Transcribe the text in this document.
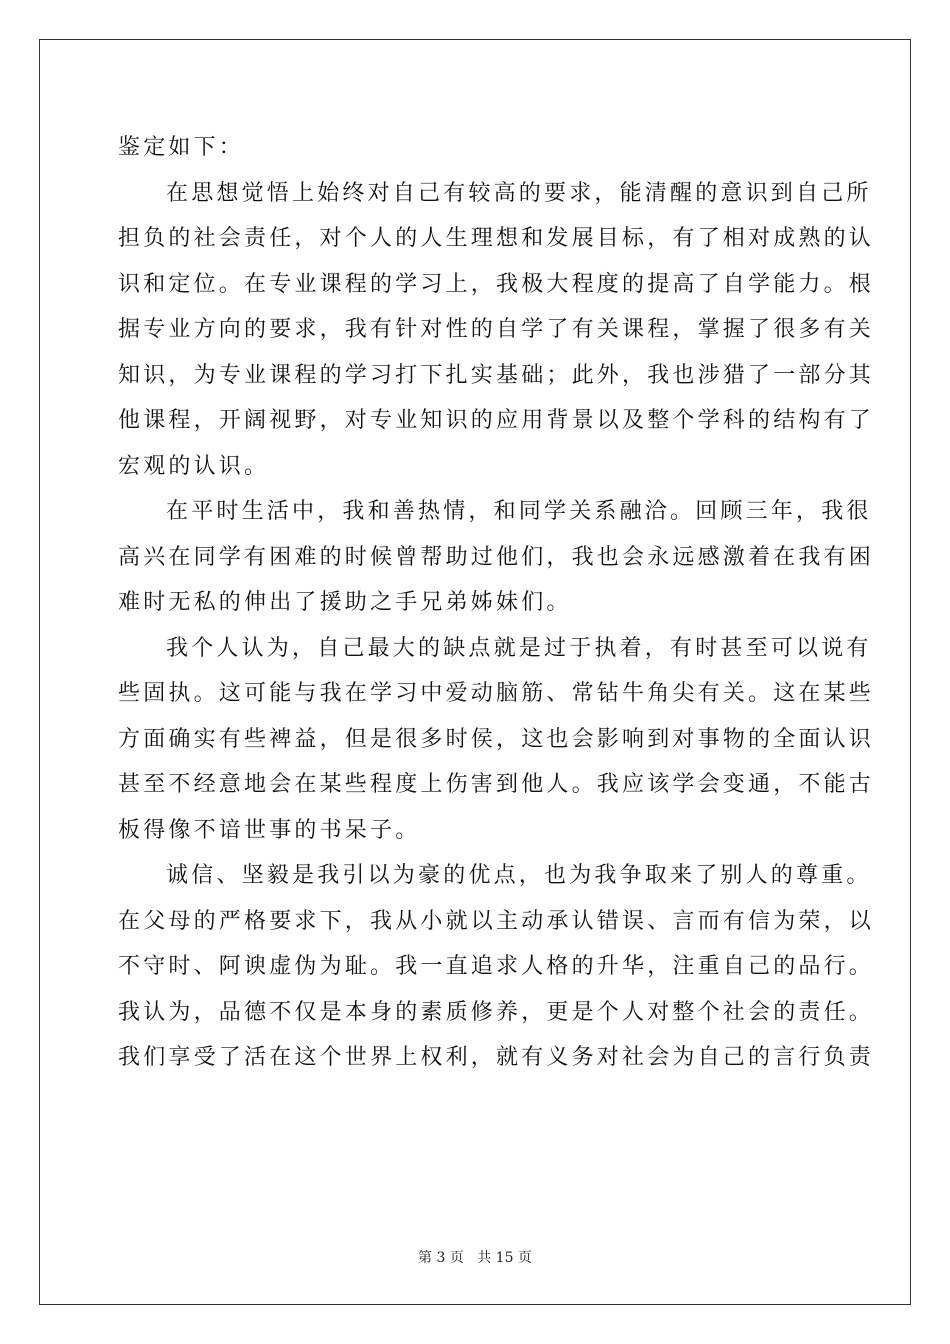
鉴定如下：
在思想觉悟上始终对自己有较高的要求，能清醒的意识到自己所
担负的社会责任，对个人的人生理想和发展目标，有了相对成熟的认
识和定位。在专业课程的学习上，我极大程度的提高了自学能力。根
据专业方向的要求，我有针对性的自学了有关课程，掌握了很多有关
知识，为专业课程的学习打下扎实基础；此外，我也涉猎了一部分其
他课程，开阔视野，对专业知识的应用背景以及整个学科的结构有了
宏观的认识。
在平时生活中，我和善热情，和同学关系融洽。回顾三年，我很
高兴在同学有困难的时候曾帮助过他们，我也会永远感激着在我有困
难时无私的伸出了援助之手兄弟姊妹们。
我个人认为，自己最大的缺点就是过于执着，有时甚至可以说有
些固执。这可能与我在学习中爱动脑筋、常钻牛角尖有关。这在某些
方面确实有些裨益，但是很多时侯，这也会影响到对事物的全面认识
甚至不经意地会在某些程度上伤害到他人。我应该学会变通，不能古
板得像不谙世事的书呆子。
诚信、坚毅是我引以为豪的优点，也为我争取来了别人的尊重。
在父母的严格要求下，我从小就以主动承认错误、言而有信为荣，以
不守时、阿谀虚伪为耻。我一直追求人格的升华，注重自己的品行。
我认为，品德不仅是本身的素质修养，更是个人对整个社会的责任。
我们享受了活在这个世界上权利，就有义务对社会为自己的言行负责
第 3 页 共 15 页
